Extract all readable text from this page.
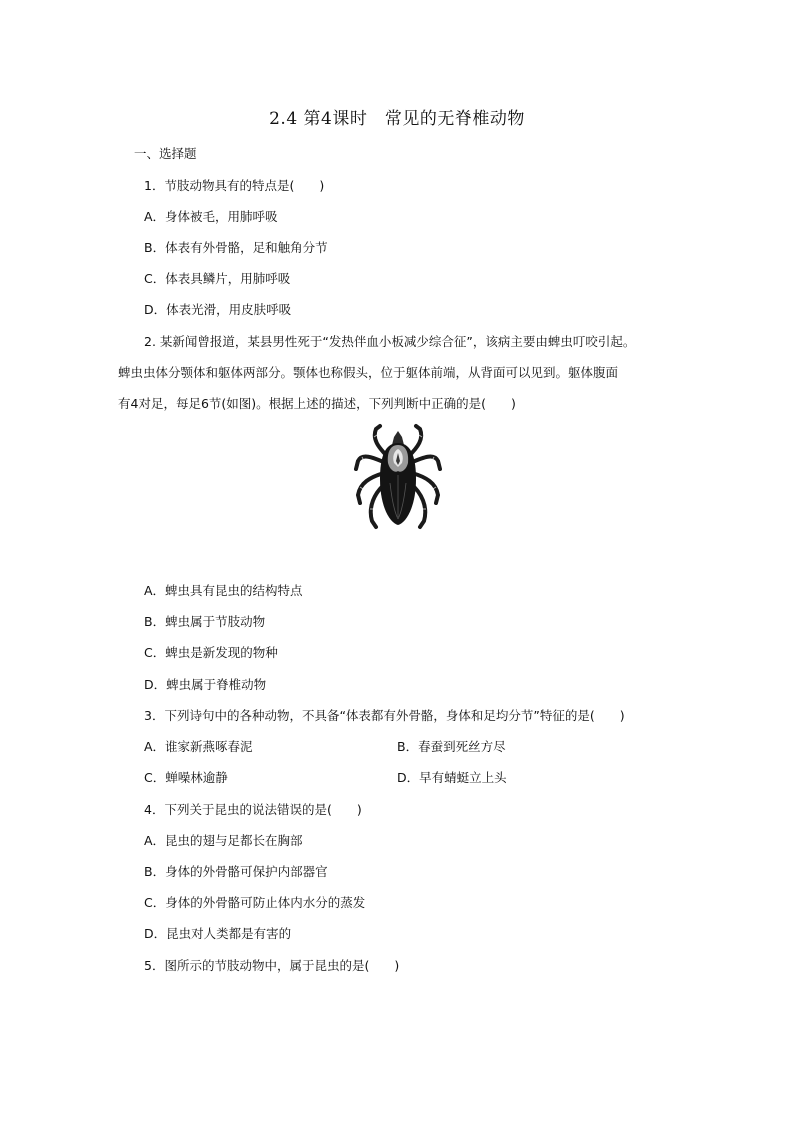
2.4 第4课时　常见的无脊椎动物
一、选择题
1．节肢动物具有的特点是(　　)
A．身体被毛，用肺呼吸
B．体表有外骨骼，足和触角分节
C．体表具鳞片，用肺呼吸
D．体表光滑，用皮肤呼吸
2. 某新闻曾报道，某县男性死于“发热伴血小板减少综合征”，该病主要由蜱虫叮咬引起。
蜱虫虫体分颚体和躯体两部分。颚体也称假头，位于躯体前端，从背面可以见到。躯体腹面
有4对足，每足6节(如图)。根据上述的描述，下列判断中正确的是(　　)
A．蜱虫具有昆虫的结构特点
B．蜱虫属于节肢动物
C．蜱虫是新发现的物种
D．蜱虫属于脊椎动物
3．下列诗句中的各种动物，不具备“体表都有外骨骼，身体和足均分节”特征的是(　　)
A．谁家新燕啄春泥	B．春蚕到死丝方尽
C．蝉噪林逾静	D．早有蜻蜓立上头
4．下列关于昆虫的说法错误的是(　　)
A．昆虫的翅与足都长在胸部
B．身体的外骨骼可保护内部器官
C．身体的外骨骼可防止体内水分的蒸发
D．昆虫对人类都是有害的
5．图所示的节肢动物中，属于昆虫的是(　　)
